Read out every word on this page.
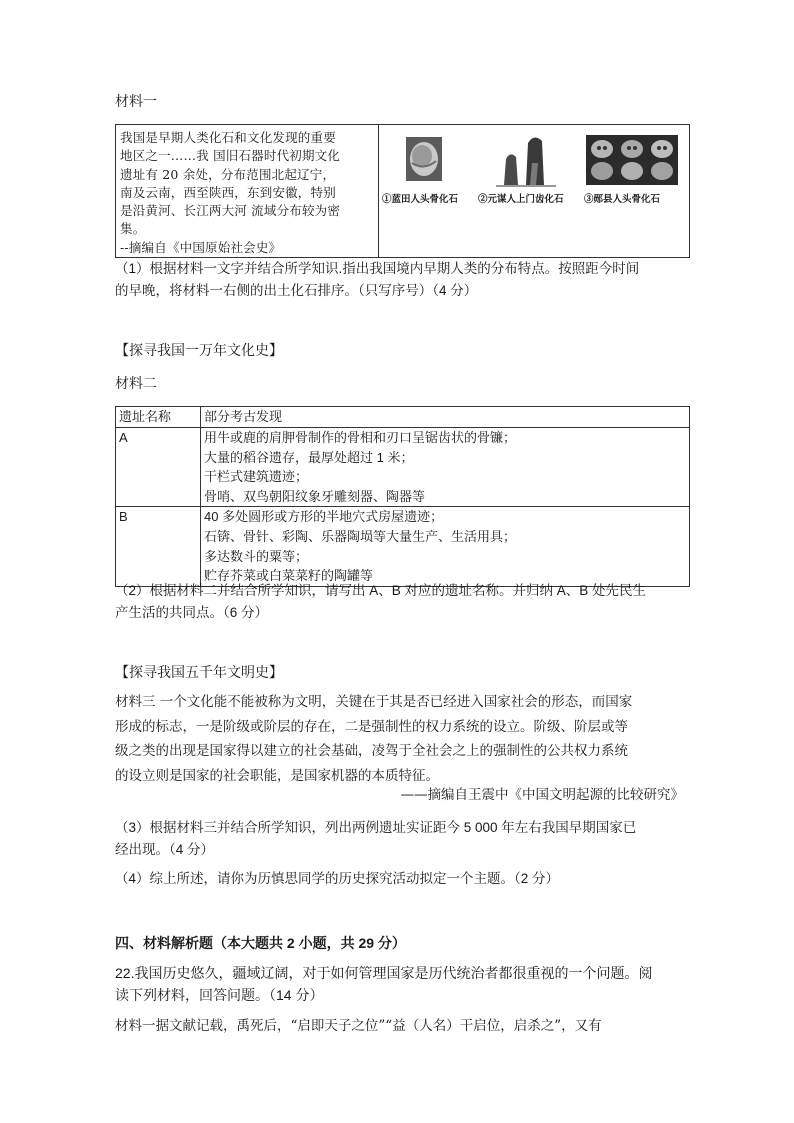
材料一
我国是早期人类化石和文化发现的重要
地区之一……我 国旧石器时代初期文化
遗址有 20 余处，分布范围北起辽宁，
南及云南，西至陕西，东到安徽，特别
是沿黄河、长江两大河 流域分布较为密
集。
--摘编自《中国原始社会史》
①蓝田人头骨化石 ②元谋人上门齿化石 ③郧县人头骨化石
（1）根据材料一文字并结合所学知识.指出我国境内早期人类的分布特点。按照距今时间
的早晚，将材料一右侧的出土化石排序。（只写序号）（4 分）
【探寻我国一万年文化史】
材料二
遗址名称	部分考古发现
A	用牛或鹿的肩胛骨制作的骨相和刃口呈锯齿状的骨镰；
大量的稻谷遗存，最厚处超过 1 米；
干栏式建筑遗迹；
骨哨、双鸟朝阳纹象牙雕刻器、陶器等

B	40 多处圆形或方形的半地穴式房屋遗迹；
石锛、骨针、彩陶、乐器陶埙等大量生产、生活用具；
多达数斗的粟等；
贮存芥菜或白菜菜籽的陶罐等
（2）根据材料二并结合所学知识，请写出 A、B 对应的遗址名称。并归纳 A、B 处先民生
产生活的共同点。（6 分）
【探寻我国五千年文明史】
材料三 一个文化能不能被称为文明，关键在于其是否已经进入国家社会的形态，而国家
形成的标志，一是阶级或阶层的存在，二是强制性的权力系统的设立。阶级、阶层或等
级之类的出现是国家得以建立的社会基础，凌驾于全社会之上的强制性的公共权力系统
的设立则是国家的社会职能，是国家机器的本质特征。
——摘编自王震中《中国文明起源的比较研究》
（3）根据材料三并结合所学知识，列出两例遗址实证距今 5 000 年左右我国早期国家已
经出现。（4 分）
（4）综上所述，请你为历慎思同学的历史探究活动拟定一个主题。（2 分）
四、材料解析题（本大题共 2 小题，共 29 分）
22.我国历史悠久，疆域辽阔，对于如何管理国家是历代统治者都很重视的一个问题。阅
读下列材料，回答问题。（14 分）
材料一据文献记载，禹死后，“启即天子之位”“益（人名）干启位，启杀之”，又有
